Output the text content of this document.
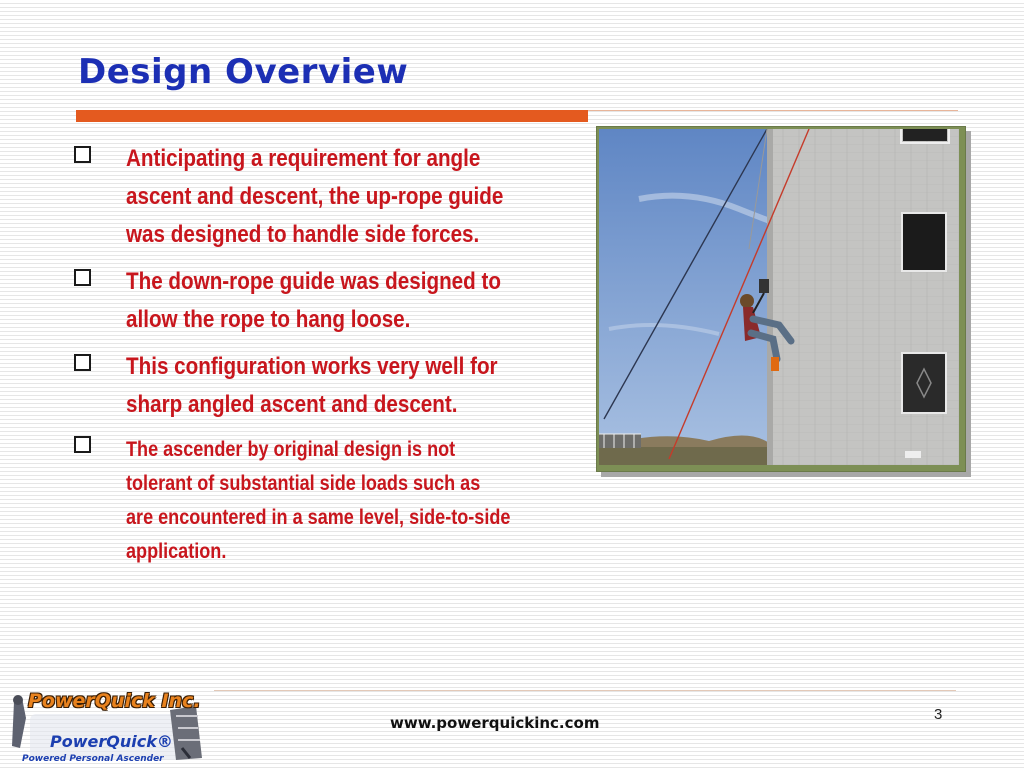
Design Overview
Anticipating a requirement for angle ascent and descent, the up-rope guide was designed to handle side forces.
The down-rope guide was designed to allow the rope to hang loose.
This configuration works very well for sharp angled ascent and descent.
The ascender by original design is not tolerant of substantial side loads such as are encountered in a same level, side-to-side application.
www.powerquickinc.com	3
PowerQuick Inc.
PowerQuick®
Powered Personal Ascender
